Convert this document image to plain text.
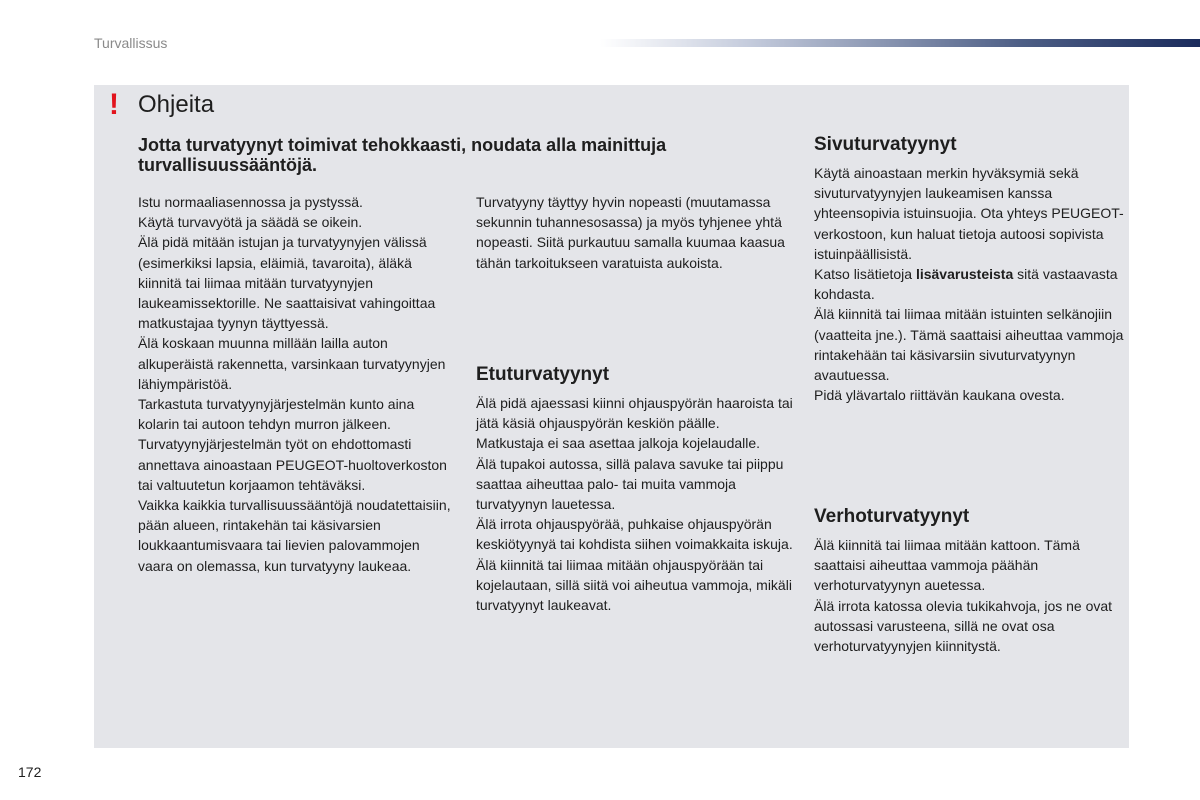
Turvallissus
! Ohjeita
Jotta turvatyynyt toimivat tehokkaasti, noudata alla mainittuja turvallisuussääntöjä.

Istu normaaliasennossa ja pystyssä.

Käytä turvavyötä ja säädä se oikein.

Älä pidä mitään istujan ja turvatyynyjen välissä (esimerkiksi lapsia, eläimiä, tavaroita), äläkä kiinnitä tai liimaa mitään turvatyynyjen laukeamissektorille. Ne saattaisivat vahingoittaa matkustajaa tyynyn täyttyessä.

Älä koskaan muunna millään lailla auton alkuperäistä rakennetta, varsinkaan turvatyynyjen lähiympäristöä.

Tarkastuta turvatyynyjärjestelmän kunto aina kolarin tai autoon tehdyn murron jälkeen.

Turvatyynyjärjestelmän työt on ehdottomasti annettava ainoastaan PEUGEOT-huoltoverkoston tai valtuutetun korjaamon tehtäväksi.

Vaikka kaikkia turvallisuussääntöjä noudatettaisiin, pään alueen, rintakehän tai käsivarsien loukkaantumisvaara tai lievien palovammojen vaara on olemassa, kun turvatyyny laukeaa.

Turvatyyny täyttyy hyvin nopeasti (muutamassa sekunnin tuhannesosassa) ja myös tyhjenee yhtä nopeasti. Siitä purkautuu samalla kuumaa kaasua tähän tarkoitukseen varatuista aukoista.

Etuturvatyynyt

Älä pidä ajaessasi kiinni ohjauspyörän haaroista tai jätä käsiä ohjauspyörän keskiön päälle.

Matkustaja ei saa asettaa jalkoja kojelaudalle.

Älä tupakoi autossa, sillä palava savuke tai piippu saattaa aiheuttaa palo- tai muita vammoja turvatyynyn lauetessa.

Älä irrota ohjauspyörää, puhkaise ohjauspyörän keskiötyynyä tai kohdista siihen voimakkaita iskuja.

Älä kiinnitä tai liimaa mitään ohjauspyörään tai kojelautaan, sillä siitä voi aiheutua vammoja, mikäli turvatyynyt laukeavat.

Sivuturvatyynyt

Käytä ainoastaan merkin hyväksymiä sekä sivuturvatyynyjen laukeamisen kanssa yhteensopivia istuinsuojia. Ota yhteys PEUGEOT-verkostoon, kun haluat tietoja autoosi sopivista istuinpäällisistä.

Katso lisätietoja lisävarusteista sitä vastaavasta kohdasta.

Älä kiinnitä tai liimaa mitään istuinten selkänojiin (vaatteita jne.). Tämä saattaisi aiheuttaa vammoja rintakehään tai käsivarsiin sivuturvatyynyn avautuessa.

Pidä ylävartalo riittävän kaukana ovesta.

Verhoturvatyynyt

Älä kiinnitä tai liimaa mitään kattoon. Tämä saattaisi aiheuttaa vammoja päähän verhoturvatyynyn auetessa.

Älä irrota katossa olevia tukikahvoja, jos ne ovat autossasi varusteena, sillä ne ovat osa verhoturvatyynyjen kiinnitystä.

172
